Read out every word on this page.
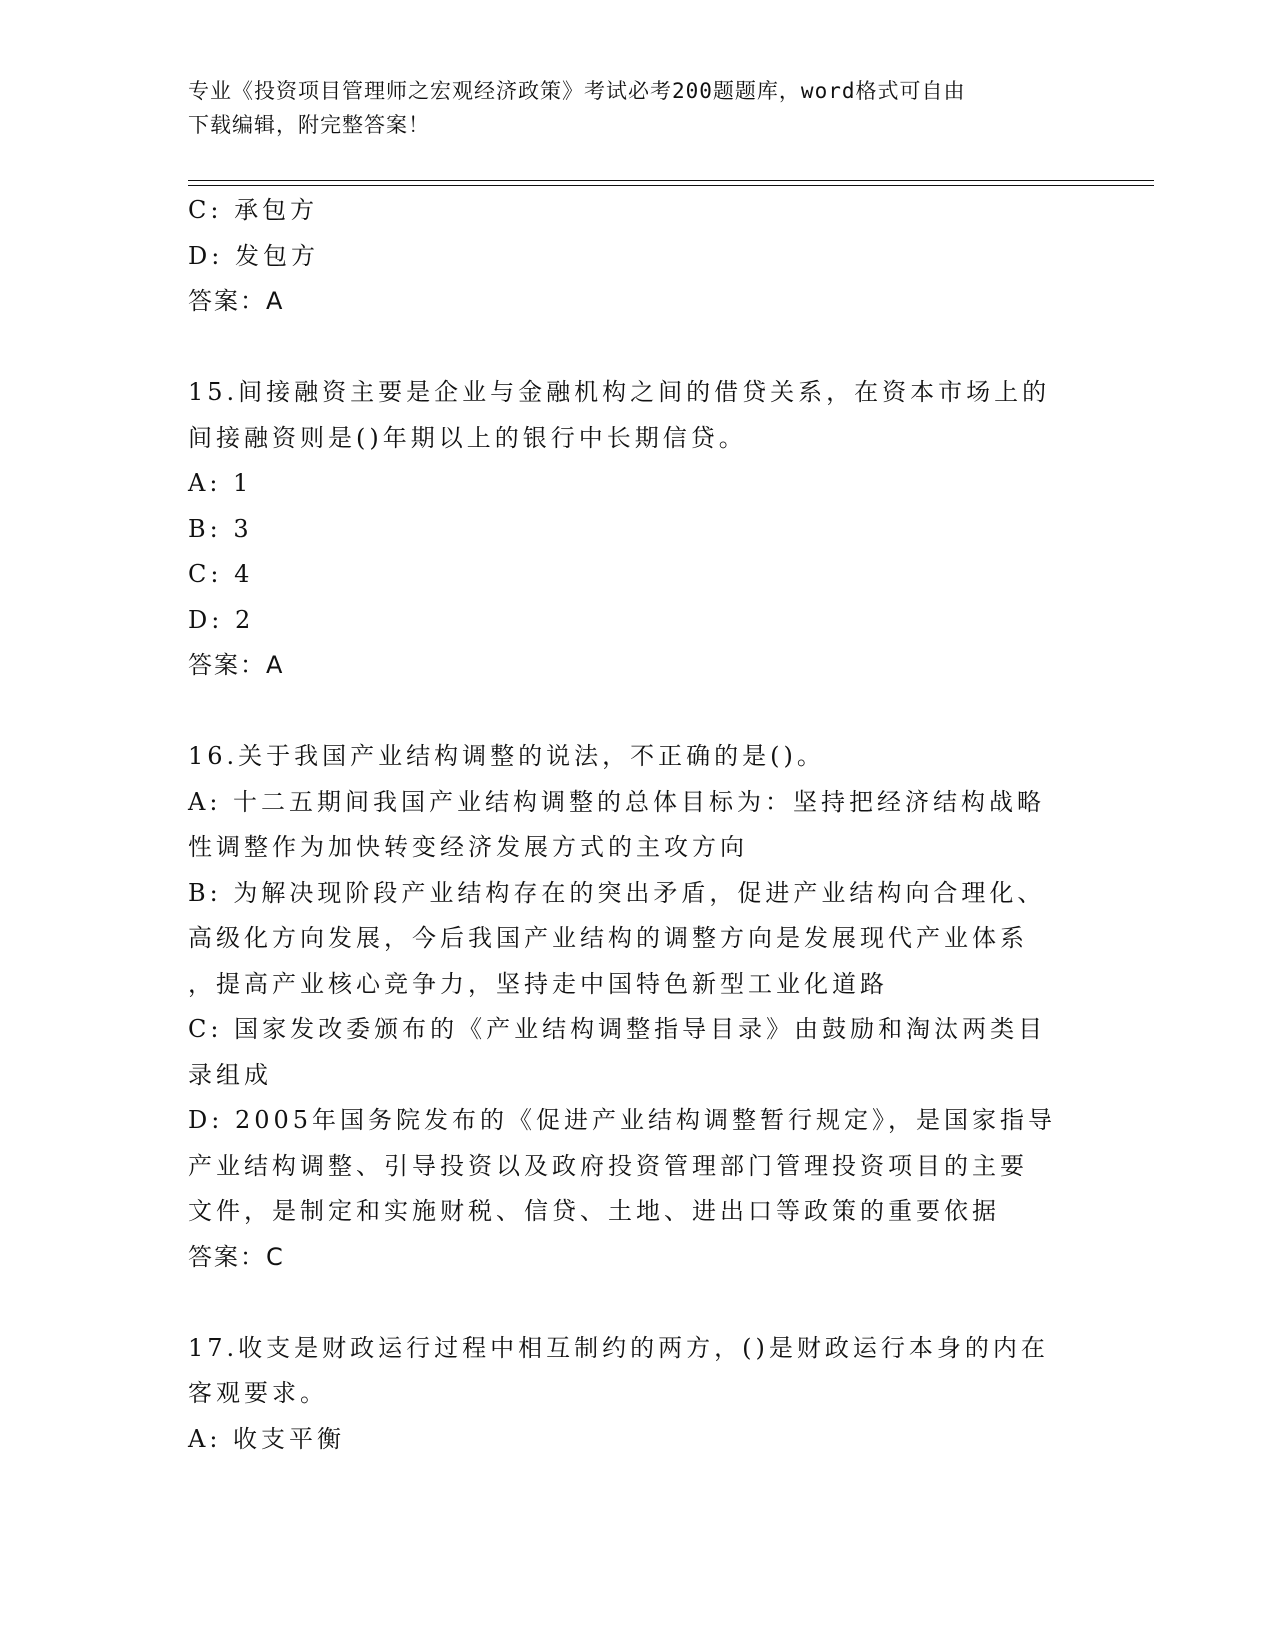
专业《投资项目管理师之宏观经济政策》考试必考200题题库，word格式可自由
下载编辑，附完整答案！

C: 承包方

D: 发包方

答案：A

15.间接融资主要是企业与金融机构之间的借贷关系，在资本市场上的

间接融资则是()年期以上的银行中长期信贷。

A: 1

B: 3

C: 4

D: 2

答案：A

16.关于我国产业结构调整的说法，不正确的是()。

A: 十二五期间我国产业结构调整的总体目标为：坚持把经济结构战略

性调整作为加快转变经济发展方式的主攻方向

B: 为解决现阶段产业结构存在的突出矛盾，促进产业结构向合理化、

高级化方向发展，今后我国产业结构的调整方向是发展现代产业体系

，提高产业核心竞争力，坚持走中国特色新型工业化道路

C: 国家发改委颁布的《产业结构调整指导目录》由鼓励和淘汰两类目

录组成

D: 2005年国务院发布的《促进产业结构调整暂行规定》，是国家指导

产业结构调整、引导投资以及政府投资管理部门管理投资项目的主要

文件，是制定和实施财税、信贷、土地、进出口等政策的重要依据

答案：C

17.收支是财政运行过程中相互制约的两方，()是财政运行本身的内在

客观要求。

A: 收支平衡
